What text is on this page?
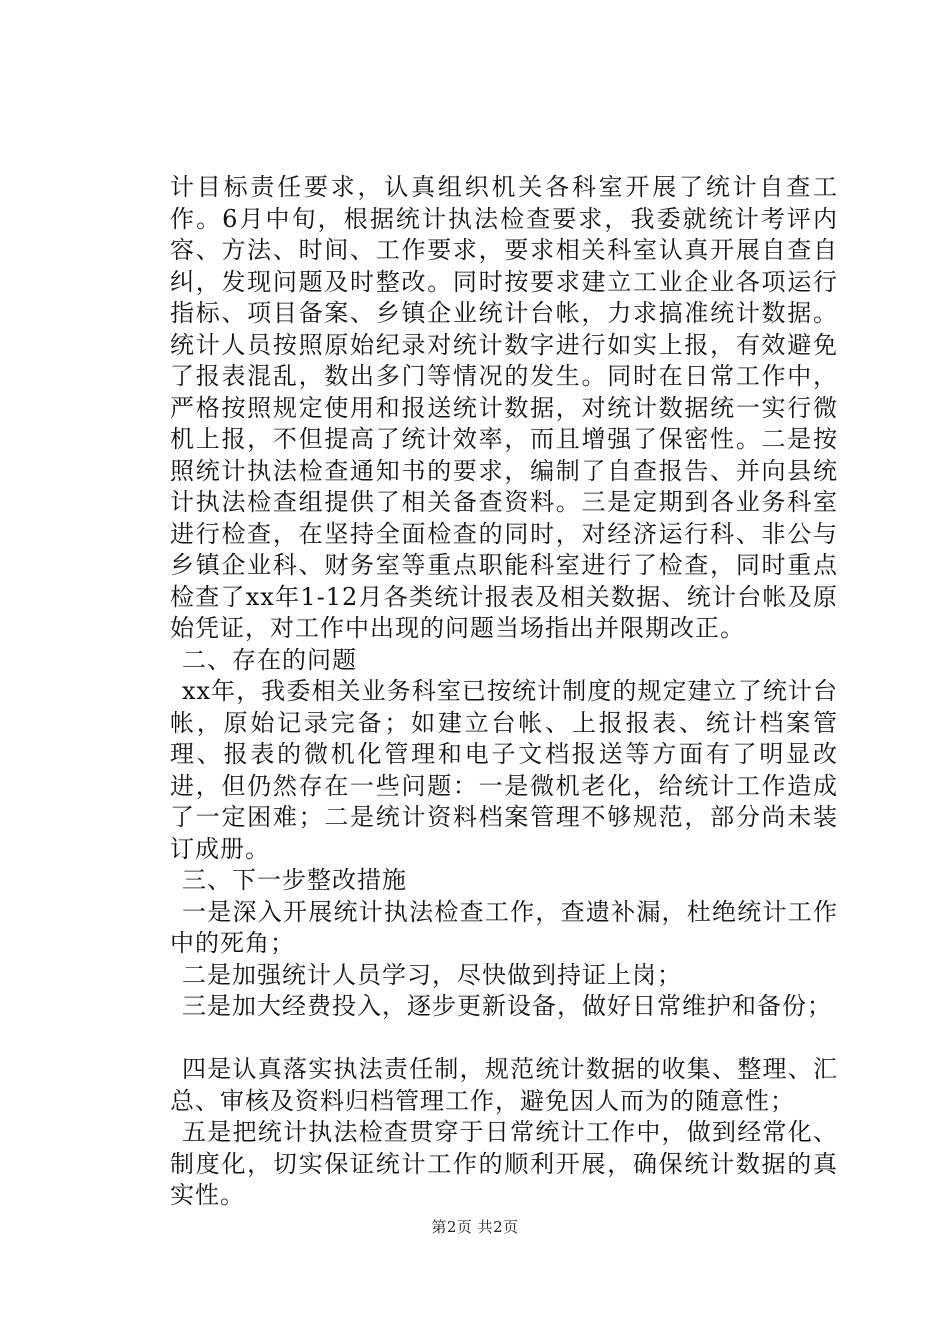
计目标责任要求，认真组织机关各科室开展了统计自查工作。6月中旬，根据统计执法检查要求，我委就统计考评内容、方法、时间、工作要求，要求相关科室认真开展自查自纠，发现问题及时整改。同时按要求建立工业企业各项运行指标、项目备案、乡镇企业统计台帐，力求搞准统计数据。统计人员按照原始纪录对统计数字进行如实上报，有效避免了报表混乱，数出多门等情况的发生。同时在日常工作中，严格按照规定使用和报送统计数据，对统计数据统一实行微机上报，不但提高了统计效率，而且增强了保密性。二是按照统计执法检查通知书的要求，编制了自查报告、并向县统计执法检查组提供了相关备查资料。三是定期到各业务科室进行检查，在坚持全面检查的同时，对经济运行科、非公与乡镇企业科、财务室等重点职能科室进行了检查，同时重点检查了xx年1-12月各类统计报表及相关数据、统计台帐及原始凭证，对工作中出现的问题当场指出并限期改正。

二、存在的问题

xx年，我委相关业务科室已按统计制度的规定建立了统计台帐，原始记录完备；如建立台帐、上报报表、统计档案管理、报表的微机化管理和电子文档报送等方面有了明显改进，但仍然存在一些问题：一是微机老化，给统计工作造成了一定困难；二是统计资料档案管理不够规范，部分尚未装订成册。

三、下一步整改措施

一是深入开展统计执法检查工作，查遗补漏，杜绝统计工作中的死角；

二是加强统计人员学习，尽快做到持证上岗；

三是加大经费投入，逐步更新设备，做好日常维护和备份；

四是认真落实执法责任制，规范统计数据的收集、整理、汇总、审核及资料归档管理工作，避免因人而为的随意性；

五是把统计执法检查贯穿于日常统计工作中，做到经常化、制度化，切实保证统计工作的顺利开展，确保统计数据的真实性。

第2页 共2页
